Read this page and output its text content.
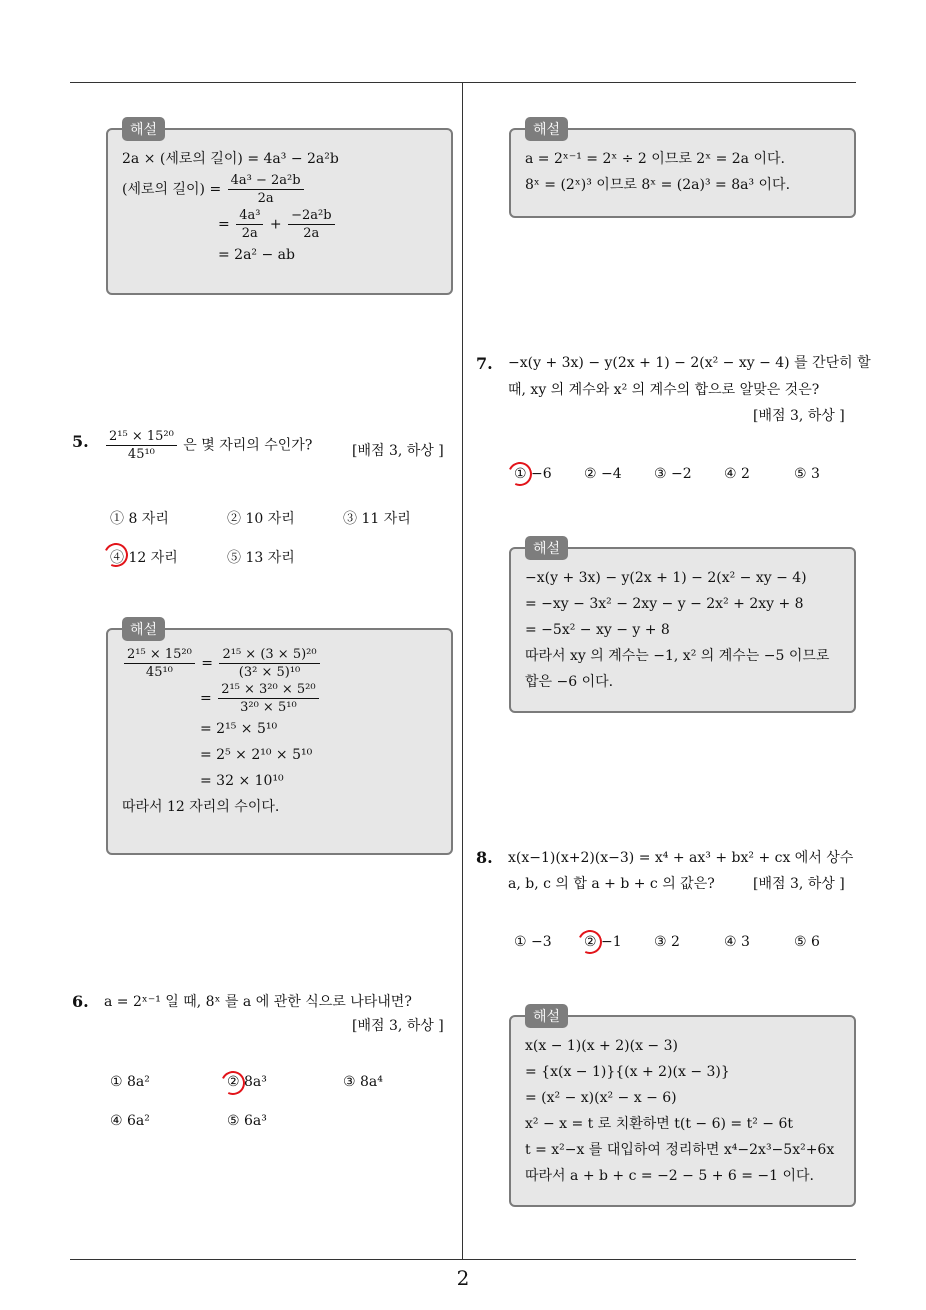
2
해설
2a × (세로의 길이) = 4a³ − 2a²b
(세로의 길이) = $\frac{\text{4a³ − 2a²b}}{2a}$
= $\frac{\text{4a³}}{2a} + \frac{\text{−2a²b}}{2a}$
= 2a² − ab
해설
a = 2ˣ⁻¹ = 2ˣ ÷ 2 이므로 2ˣ = 2a 이다.
8ˣ = (2ˣ)³ 이므로 8ˣ = (2a)³ = 8a³ 이다.
5. $\frac{\text{2¹⁵ × 15²⁰}}{\text{45¹⁰}}$ 은 몇 자리의 수인가?	[배점 3, 하상 ]
① 8 자리	② 10 자리	③ 11 자리
④ 12 자리	⑤ 13 자리
해설
$\frac{\text{2¹⁵ × 15²⁰}}{\text{45¹⁰}} = \frac{\text{2¹⁵ × (3 × 5)²⁰}}{\text{(3² × 5)¹⁰}}$
= $\frac{\text{2¹⁵ × 3²⁰ × 5²⁰}}{\text{3²⁰ × 5¹⁰}}$
= 2¹⁵ × 5¹⁰
= 2⁵ × 2¹⁰ × 5¹⁰
= 32 × 10¹⁰
따라서 12 자리의 수이다.
6. a = 2ˣ⁻¹ 일 때, 8ˣ 를 a 에 관한 식으로 나타내면?
[배점 3, 하상 ]
① 8a²	② 8a³	③ 8a⁴
④ 6a²	⑤ 6a³
7. −x(y + 3x) − y(2x + 1) − 2(x² − xy − 4) 를 간단히 할
때, xy 의 계수와 x² 의 계수의 합으로 알맞은 것은?
[배점 3, 하상 ]
① −6 ② −4 ③ −2 ④ 2	⑤ 3
해설
−x(y + 3x) − y(2x + 1) − 2(x² − xy − 4)
= −xy − 3x² − 2xy − y − 2x² + 2xy + 8
= −5x² − xy − y + 8
따라서 xy 의 계수는 −1, x² 의 계수는 −5 이므로
합은 −6 이다.
8. x(x−1)(x+2)(x−3) = x⁴ + ax³ + bx² + cx 에서 상수
a, b, c 의 합 a + b + c 의 값은?	[배점 3, 하상 ]
① −3 ② −1 ③ 2	④ 3	⑤ 6
해설
x(x − 1)(x + 2)(x − 3)
= {x(x − 1)}{(x + 2)(x − 3)}
= (x² − x)(x² − x − 6)
x² − x = t 로 치환하면 t(t − 6) = t² − 6t
t = x²−x 를 대입하여 정리하면 x⁴−2x³−5x²+6x
따라서 a + b + c = −2 − 5 + 6 = −1 이다.
